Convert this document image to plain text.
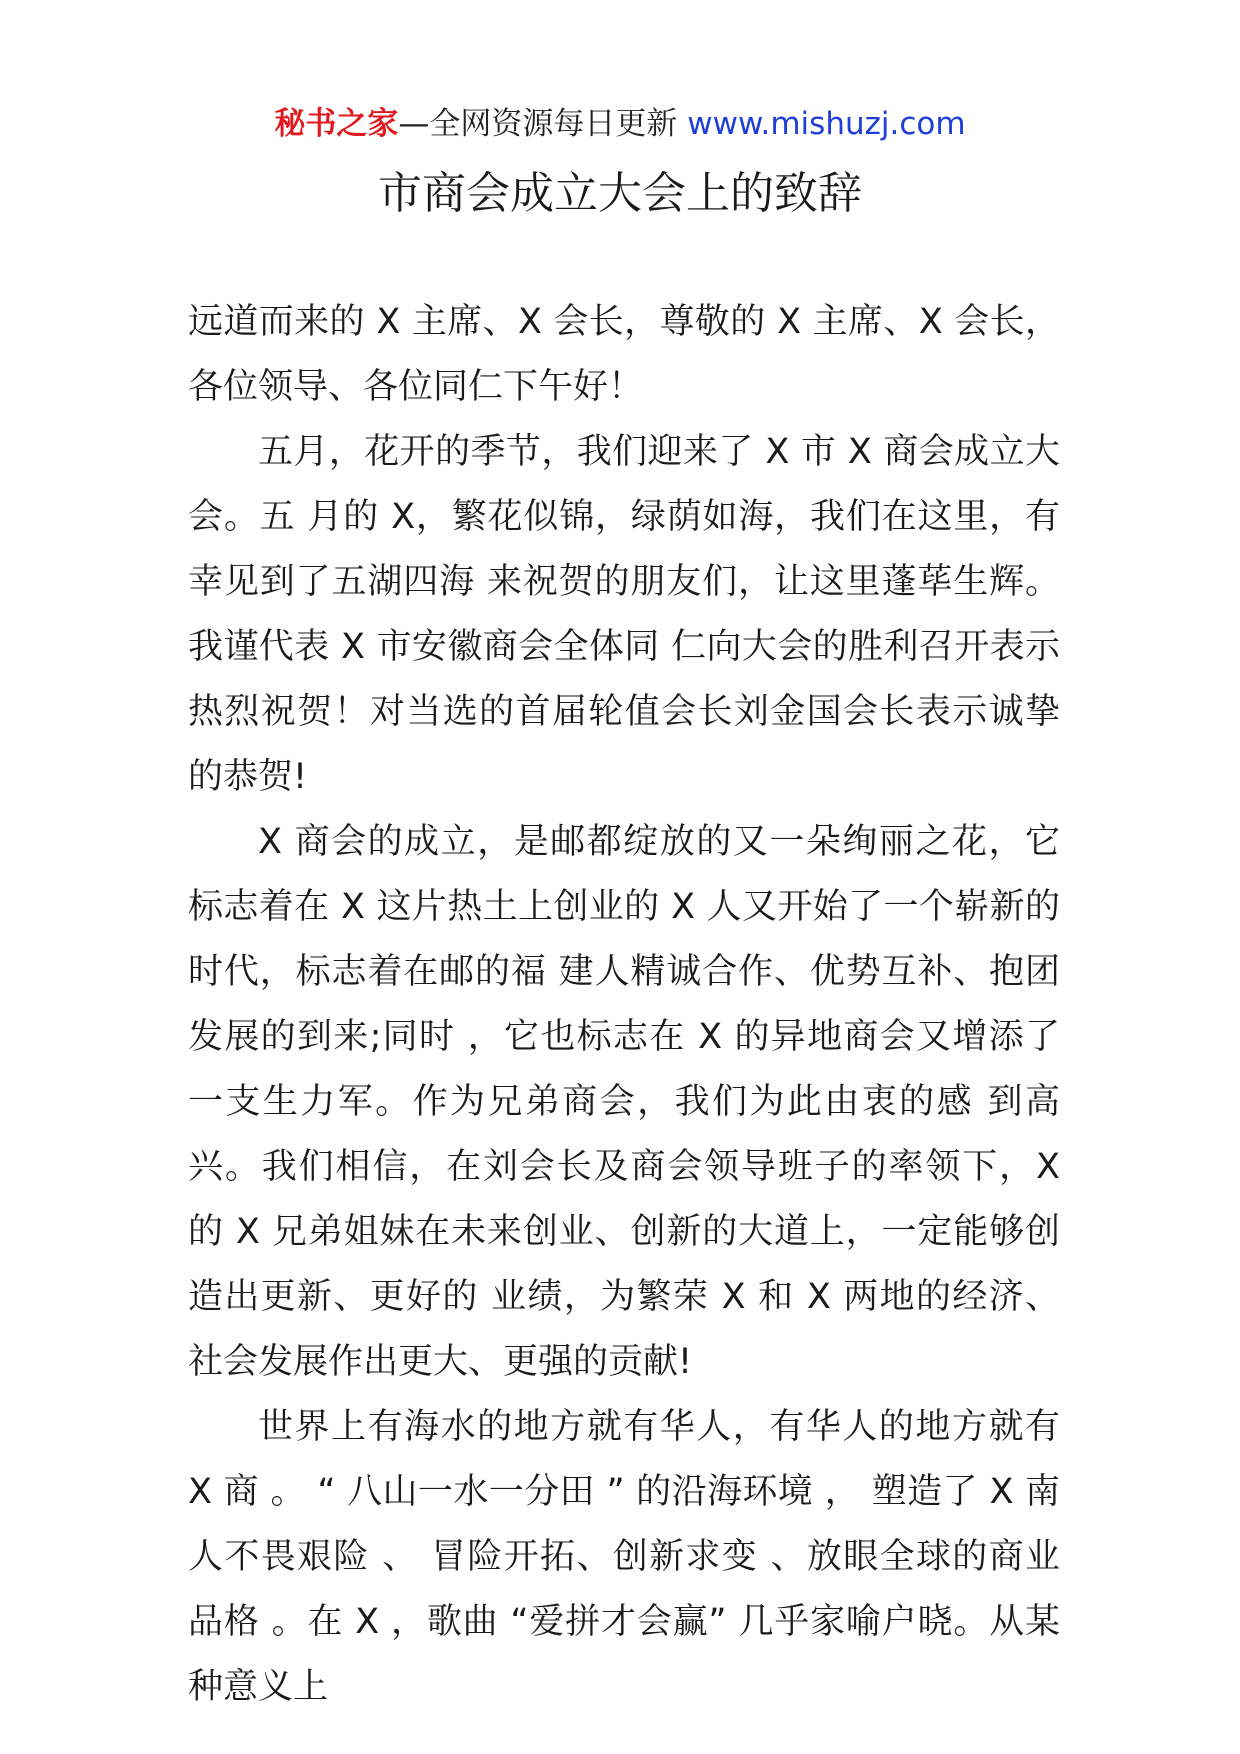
秘书之家—全网资源每日更新 www.mishuzj.com
市商会成立大会上的致辞

远道而来的 X 主席、X 会长，尊敬的 X 主席、X 会长，各位领导、各位同仁下午好！

五月，花开的季节，我们迎来了 X 市 X 商会成立大会。五 月的 X，繁花似锦，绿荫如海，我们在这里，有幸见到了五湖四海 来祝贺的朋友们，让这里蓬荜生辉。我谨代表 X 市安徽商会全体同 仁向大会的胜利召开表示热烈祝贺！对当选的首届轮值会长刘金国会长表示诚挚的恭贺!

X 商会的成立，是邮都绽放的又一朵绚丽之花，它标志着在 X 这片热土上创业的 X 人又开始了一个崭新的时代，标志着在邮的福 建人精诚合作、优势互补、抱团发展的到来;同时 ，它也标志在 X 的异地商会又增添了一支生力军。作为兄弟商会，我们为此由衷的感 到高兴。我们相信，在刘会长及商会领导班子的率领下，X 的 X 兄弟姐妹在未来创业、创新的大道上，一定能够创造出更新、更好的 业绩，为繁荣 X 和 X 两地的经济、社会发展作出更大、更强的贡献!

世界上有海水的地方就有华人，有华人的地方就有 X 商 。 “ 八山一水一分田 ” 的沿海环境 ， 塑造了 X 南人不畏艰险 、 冒险开拓、创新求变 、放眼全球的商业品格 。在 X ，歌曲 “爱拼才会赢” 几乎家喻户晓。从某种意义上
